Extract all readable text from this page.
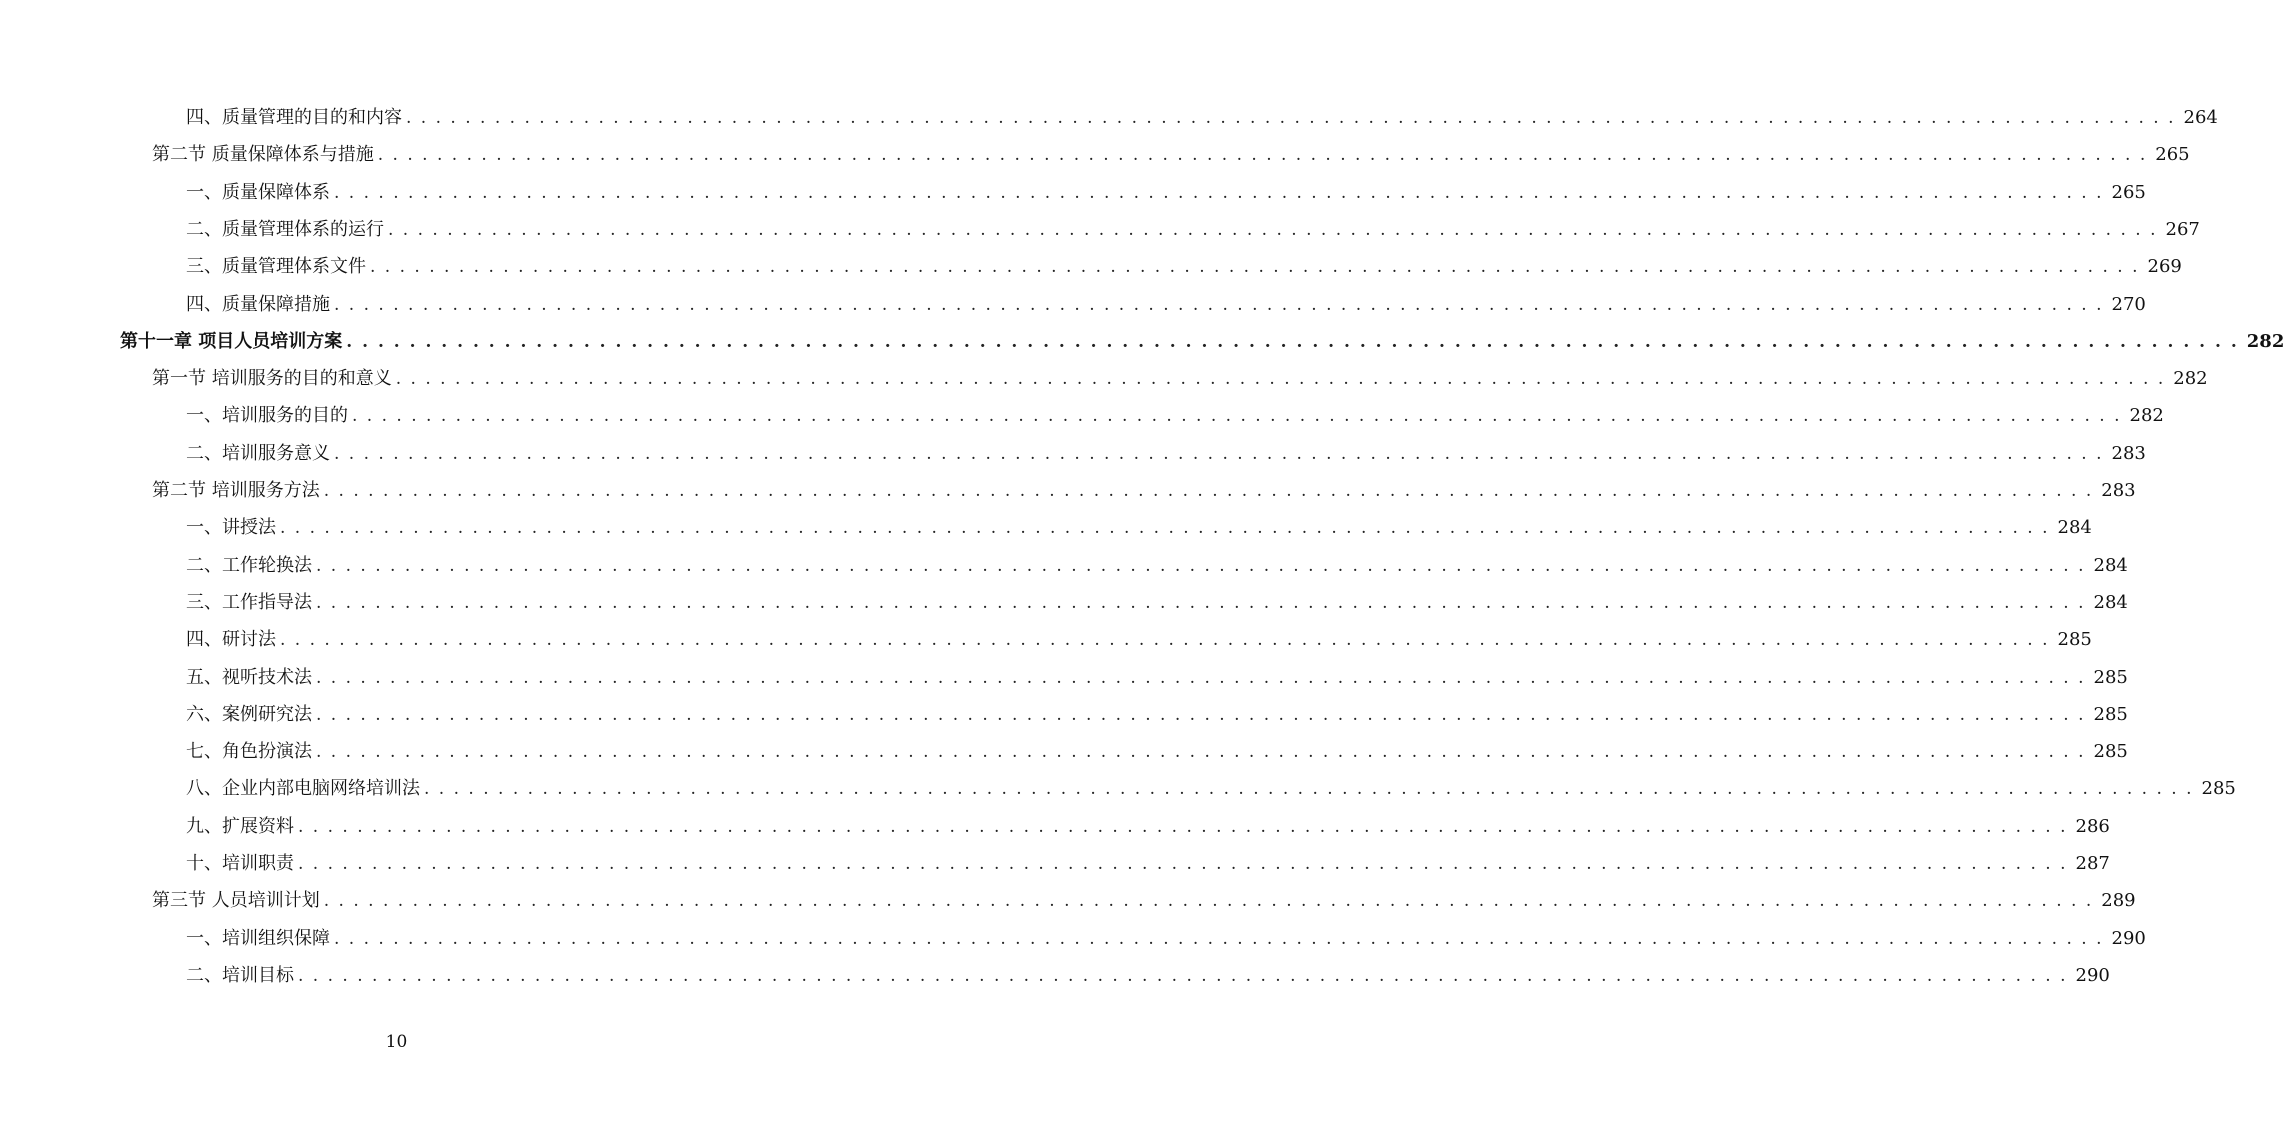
四、质量管理的目的和内容 . . . . . . . . . . . . . . . . . . . . . . . . . . . . . . . . . . . . . . . . . . . . . . . . . . . . . . . . . . . . . . . . . . . . . . . . . . . . . . . . . . . . . . . . . . . . . . . . . . . . . . . . . . . . . . . . . . . . . . . . 264
第二节 质量保障体系与措施 . . . . . . . . . . . . . . . . . . . . . . . . . . . . . . . . . . . . . . . . . . . . . . . . . . . . . . . . . . . . . . . . . . . . . . . . . . . . . . . . . . . . . . . . . . . . . . . . . . . . . . . . . . . . . . . . . . . . . . . . 265
一、质量保障体系 . . . . . . . . . . . . . . . . . . . . . . . . . . . . . . . . . . . . . . . . . . . . . . . . . . . . . . . . . . . . . . . . . . . . . . . . . . . . . . . . . . . . . . . . . . . . . . . . . . . . . . . . . . . . . . . . . . . . . . . . 265
二、质量管理体系的运行 . . . . . . . . . . . . . . . . . . . . . . . . . . . . . . . . . . . . . . . . . . . . . . . . . . . . . . . . . . . . . . . . . . . . . . . . . . . . . . . . . . . . . . . . . . . . . . . . . . . . . . . . . . . . . . . . . . . . . . . . 267
三、质量管理体系文件 . . . . . . . . . . . . . . . . . . . . . . . . . . . . . . . . . . . . . . . . . . . . . . . . . . . . . . . . . . . . . . . . . . . . . . . . . . . . . . . . . . . . . . . . . . . . . . . . . . . . . . . . . . . . . . . . . . . . . . . . 269
四、质量保障措施 . . . . . . . . . . . . . . . . . . . . . . . . . . . . . . . . . . . . . . . . . . . . . . . . . . . . . . . . . . . . . . . . . . . . . . . . . . . . . . . . . . . . . . . . . . . . . . . . . . . . . . . . . . . . . . . . . . . . . . . . 270
第十一章 项目人员培训方案 . . . . . . . . . . . . . . . . . . . . . . . . . . . . . . . . . . . . . . . . . . . . . . . . . . . . . . . . . . . . . . . . . . . . . . . . . . . . . . . . . . . . . . . . . . . . . . . . . . . . . . . . . . . . . . . . . . . . . . . . 282
第一节 培训服务的目的和意义 . . . . . . . . . . . . . . . . . . . . . . . . . . . . . . . . . . . . . . . . . . . . . . . . . . . . . . . . . . . . . . . . . . . . . . . . . . . . . . . . . . . . . . . . . . . . . . . . . . . . . . . . . . . . . . . . . . . . . . . . 282
一、培训服务的目的 . . . . . . . . . . . . . . . . . . . . . . . . . . . . . . . . . . . . . . . . . . . . . . . . . . . . . . . . . . . . . . . . . . . . . . . . . . . . . . . . . . . . . . . . . . . . . . . . . . . . . . . . . . . . . . . . . . . . . . . . 282
二、培训服务意义 . . . . . . . . . . . . . . . . . . . . . . . . . . . . . . . . . . . . . . . . . . . . . . . . . . . . . . . . . . . . . . . . . . . . . . . . . . . . . . . . . . . . . . . . . . . . . . . . . . . . . . . . . . . . . . . . . . . . . . . . 283
第二节 培训服务方法 . . . . . . . . . . . . . . . . . . . . . . . . . . . . . . . . . . . . . . . . . . . . . . . . . . . . . . . . . . . . . . . . . . . . . . . . . . . . . . . . . . . . . . . . . . . . . . . . . . . . . . . . . . . . . . . . . . . . . . . . 283
一、讲授法 . . . . . . . . . . . . . . . . . . . . . . . . . . . . . . . . . . . . . . . . . . . . . . . . . . . . . . . . . . . . . . . . . . . . . . . . . . . . . . . . . . . . . . . . . . . . . . . . . . . . . . . . . . . . . . . . . . . . . . . . 284
二、工作轮换法 . . . . . . . . . . . . . . . . . . . . . . . . . . . . . . . . . . . . . . . . . . . . . . . . . . . . . . . . . . . . . . . . . . . . . . . . . . . . . . . . . . . . . . . . . . . . . . . . . . . . . . . . . . . . . . . . . . . . . . . . 284
三、工作指导法 . . . . . . . . . . . . . . . . . . . . . . . . . . . . . . . . . . . . . . . . . . . . . . . . . . . . . . . . . . . . . . . . . . . . . . . . . . . . . . . . . . . . . . . . . . . . . . . . . . . . . . . . . . . . . . . . . . . . . . . . 284
四、研讨法 . . . . . . . . . . . . . . . . . . . . . . . . . . . . . . . . . . . . . . . . . . . . . . . . . . . . . . . . . . . . . . . . . . . . . . . . . . . . . . . . . . . . . . . . . . . . . . . . . . . . . . . . . . . . . . . . . . . . . . . . 285
五、视听技术法 . . . . . . . . . . . . . . . . . . . . . . . . . . . . . . . . . . . . . . . . . . . . . . . . . . . . . . . . . . . . . . . . . . . . . . . . . . . . . . . . . . . . . . . . . . . . . . . . . . . . . . . . . . . . . . . . . . . . . . . . 285
六、案例研究法 . . . . . . . . . . . . . . . . . . . . . . . . . . . . . . . . . . . . . . . . . . . . . . . . . . . . . . . . . . . . . . . . . . . . . . . . . . . . . . . . . . . . . . . . . . . . . . . . . . . . . . . . . . . . . . . . . . . . . . . . 285
七、角色扮演法 . . . . . . . . . . . . . . . . . . . . . . . . . . . . . . . . . . . . . . . . . . . . . . . . . . . . . . . . . . . . . . . . . . . . . . . . . . . . . . . . . . . . . . . . . . . . . . . . . . . . . . . . . . . . . . . . . . . . . . . . 285
八、企业内部电脑网络培训法 . . . . . . . . . . . . . . . . . . . . . . . . . . . . . . . . . . . . . . . . . . . . . . . . . . . . . . . . . . . . . . . . . . . . . . . . . . . . . . . . . . . . . . . . . . . . . . . . . . . . . . . . . . . . . . . . . . . . . . . . 285
九、扩展资料 . . . . . . . . . . . . . . . . . . . . . . . . . . . . . . . . . . . . . . . . . . . . . . . . . . . . . . . . . . . . . . . . . . . . . . . . . . . . . . . . . . . . . . . . . . . . . . . . . . . . . . . . . . . . . . . . . . . . . . . . 286
十、培训职责 . . . . . . . . . . . . . . . . . . . . . . . . . . . . . . . . . . . . . . . . . . . . . . . . . . . . . . . . . . . . . . . . . . . . . . . . . . . . . . . . . . . . . . . . . . . . . . . . . . . . . . . . . . . . . . . . . . . . . . . . 287
第三节 人员培训计划 . . . . . . . . . . . . . . . . . . . . . . . . . . . . . . . . . . . . . . . . . . . . . . . . . . . . . . . . . . . . . . . . . . . . . . . . . . . . . . . . . . . . . . . . . . . . . . . . . . . . . . . . . . . . . . . . . . . . . . . . 289
一、培训组织保障 . . . . . . . . . . . . . . . . . . . . . . . . . . . . . . . . . . . . . . . . . . . . . . . . . . . . . . . . . . . . . . . . . . . . . . . . . . . . . . . . . . . . . . . . . . . . . . . . . . . . . . . . . . . . . . . . . . . . . . . . 290
二、培训目标 . . . . . . . . . . . . . . . . . . . . . . . . . . . . . . . . . . . . . . . . . . . . . . . . . . . . . . . . . . . . . . . . . . . . . . . . . . . . . . . . . . . . . . . . . . . . . . . . . . . . . . . . . . . . . . . . . . . . . . . . 290
10
